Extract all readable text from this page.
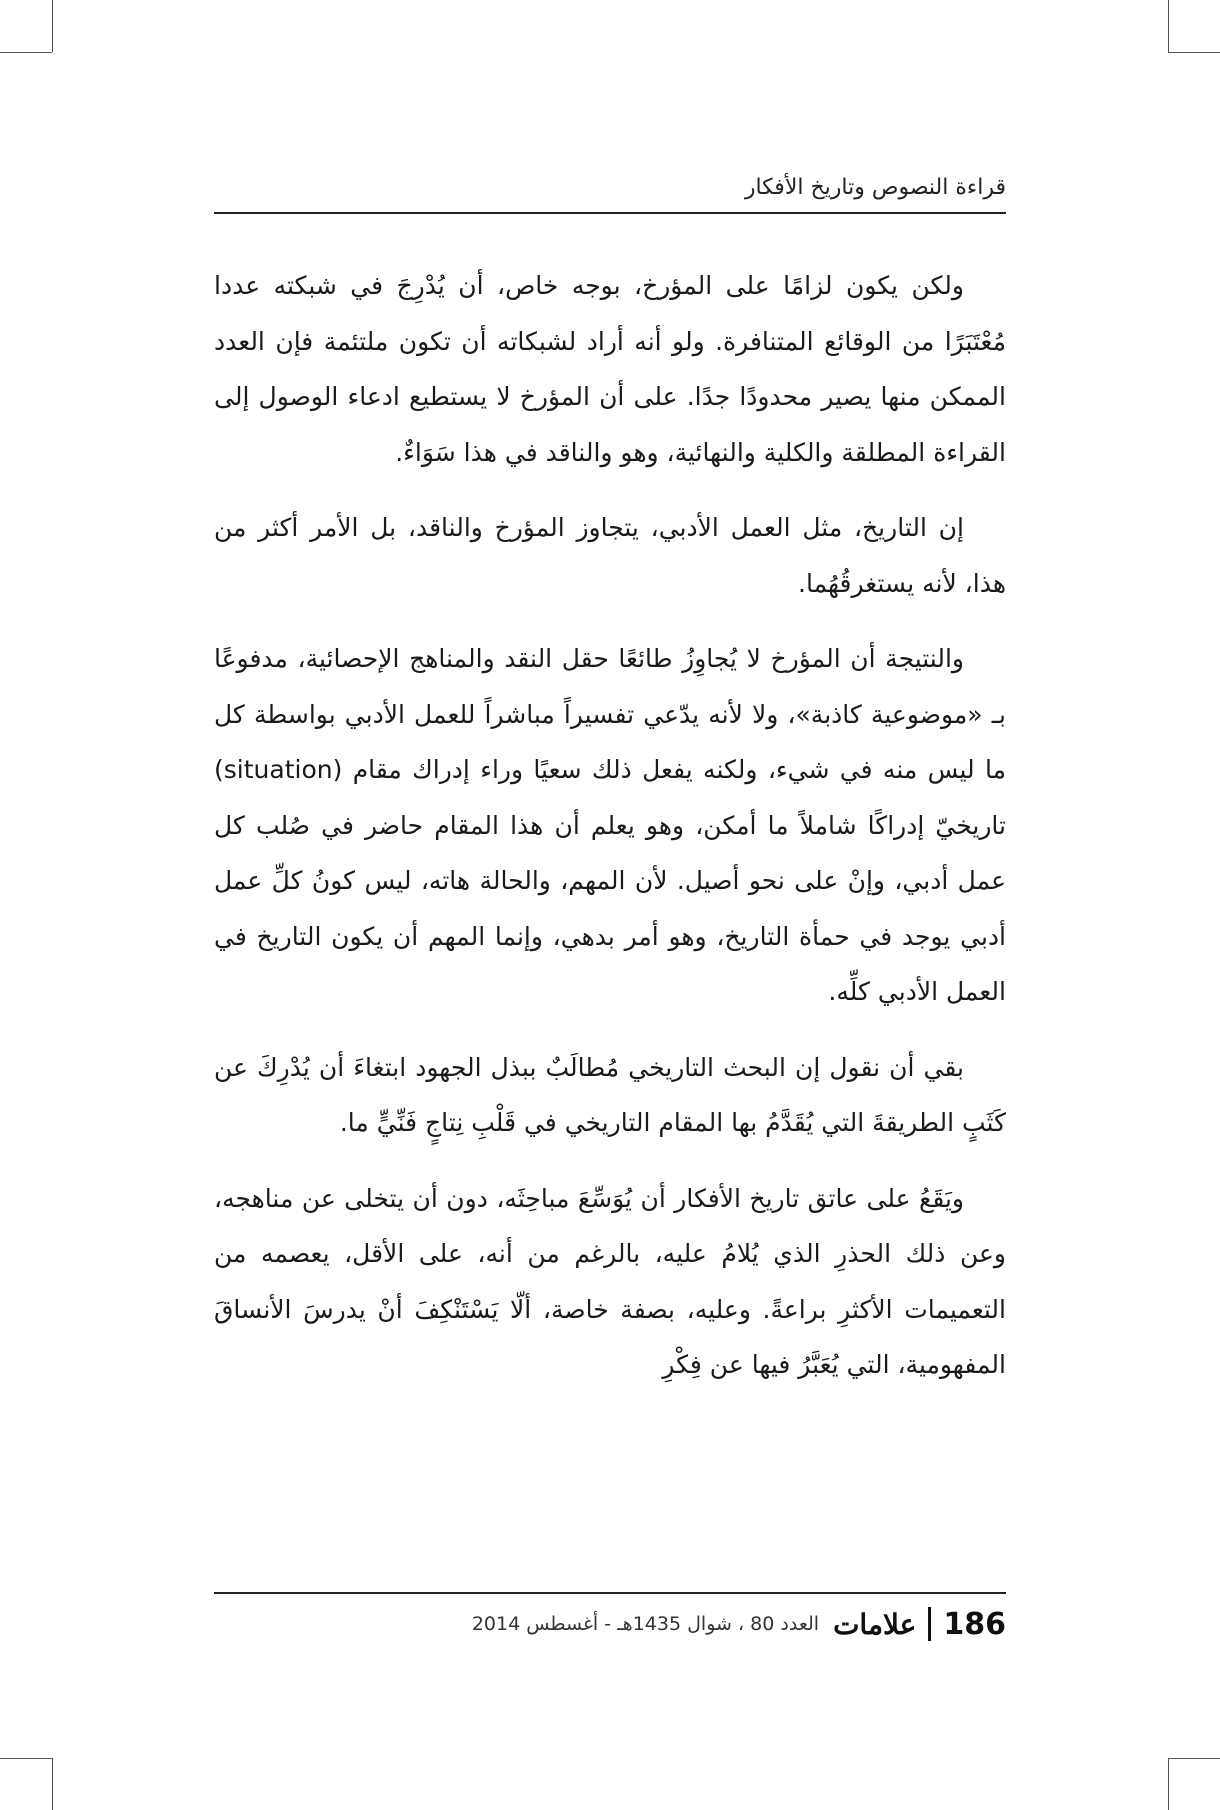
قراءة النصوص وتاريخ الأفكار

ولكن يكون لزامًا على المؤرخ، بوجه خاص، أن يُدْرِجَ في شبكته عددا مُعْتَبَرًا من الوقائع المتنافرة. ولو أنه أراد لشبكاته أن تكون ملتئمة فإن العدد الممكن منها يصير محدودًا جدًا. على أن المؤرخ لا يستطيع ادعاء الوصول إلى القراءة المطلقة والكلية والنهائية، وهو والناقد في هذا سَوَاءٌ.

إن التاريخ، مثل العمل الأدبي، يتجاوز المؤرخ والناقد، بل الأمر أكثر من هذا، لأنه يستغرقُهُما.

والنتيجة أن المؤرخ لا يُجاوِزُ طائعًا حقل النقد والمناهج الإحصائية، مدفوعًا بـ «موضوعية كاذبة»، ولا لأنه يدّعي تفسيراً مباشراً للعمل الأدبي بواسطة كل ما ليس منه في شيء، ولكنه يفعل ذلك سعيًا وراء إدراك مقام (situation) تاريخيّ إدراكًا شاملاً ما أمكن، وهو يعلم أن هذا المقام حاضر في صُلب كل عمل أدبي، وإنْ على نحو أصيل. لأن المهم، والحالة هاته، ليس كونُ كلِّ عمل أدبي يوجد في حمأة التاريخ، وهو أمر بدهي، وإنما المهم أن يكون التاريخ في العمل الأدبي كلِّه.

بقي أن نقول إن البحث التاريخي مُطالَبٌ ببذل الجهود ابتغاءَ أن يُدْرِكَ عن كَثَبٍ الطريقةَ التي يُقَدَّمُ بها المقام التاريخي في قَلْبِ نِتاجٍ فَنِّيٍّ ما.

ويَقَعُ على عاتق تاريخ الأفكار أن يُوَسِّعَ مباحِثَه، دون أن يتخلى عن مناهجه، وعن ذلك الحذرِ الذي يُلامُ عليه، بالرغم من أنه، على الأقل، يعصمه من التعميمات الأكثرِ براعةً. وعليه، بصفة خاصة، ألّا يَسْتَنْكِفَ أنْ يدرسَ الأنساقَ المفهومية، التي يُعَبَّرُ فيها عن فِكْرِ

186
علامات
العدد 80 ، شوال 1435هـ - أغسطس 2014
